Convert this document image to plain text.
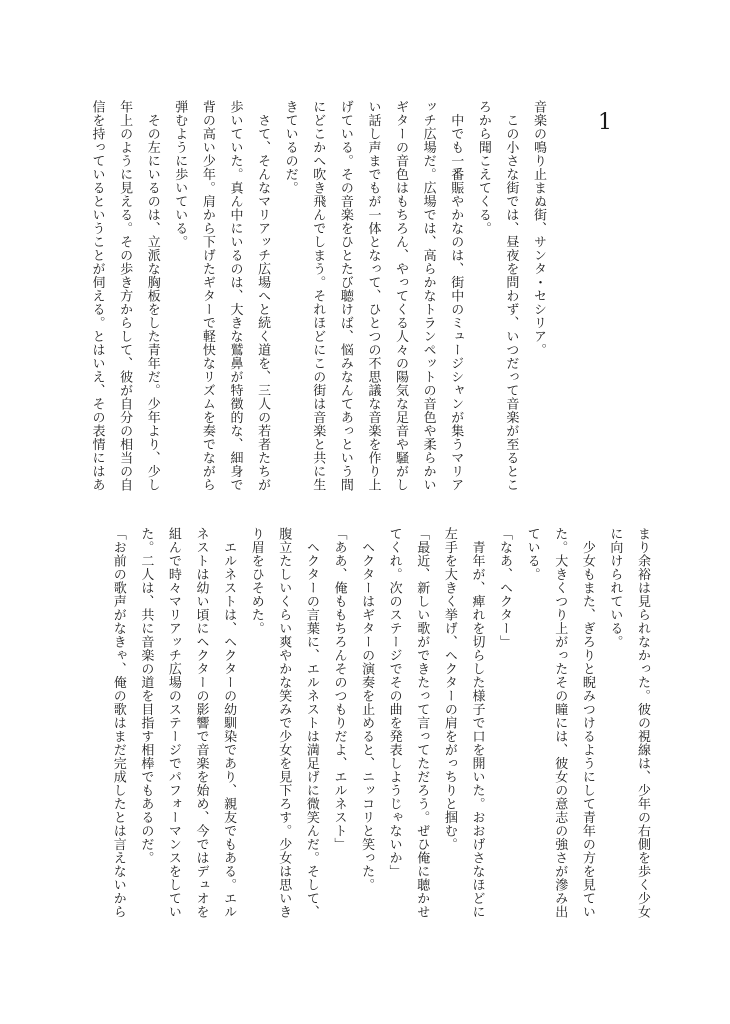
1
音楽の鳴り止まぬ街、サンタ・セシリア。
　この小さな街では、昼夜を問わず、いつだって音楽が至るとこ
ろから聞こえてくる。
　中でも一番賑やかなのは、街中のミュージシャンが集うマリア
ッチ広場だ。広場では、高らかなトランペットの音色や柔らかい
ギターの音色はもちろん、やってくる人々の陽気な足音や騒がし
い話し声までもが一体となって、ひとつの不思議な音楽を作り上
げている。その音楽をひとたび聴けば、悩みなんてあっという間
にどこかへ吹き飛んでしまう。それほどにこの街は音楽と共に生
きているのだ。
　さて、そんなマリアッチ広場へと続く道を、三人の若者たちが
歩いていた。真ん中にいるのは、大きな鷲鼻が特徴的な、細身で
背の高い少年。肩から下げたギターで軽快なリズムを奏でながら
弾むように歩いている。
　その左にいるのは、立派な胸板をした青年だ。少年より、少し
年上のように見える。その歩き方からして、彼が自分の相当の自
信を持っているということが伺える。とはいえ、その表情にはあ
まり余裕は見られなかった。彼の視線は、少年の右側を歩く少女
に向けられている。
　少女もまた、ぎろりと睨みつけるようにして青年の方を見てい
た。大きくつり上がったその瞳には、彼女の意志の強さが滲み出
ている。
「なあ、ヘクター」
　青年が、痺れを切らした様子で口を開いた。おおげさなほどに
左手を大きく挙げ、ヘクターの肩をがっちりと掴む。
「最近、新しい歌ができたって言ってただろう。ぜひ俺に聴かせ
てくれ。次のステージでその曲を発表しようじゃないか」
　ヘクターはギターの演奏を止めると、ニッコリと笑った。
「ああ、俺ももちろんそのつもりだよ、エルネスト」
　ヘクターの言葉に、エルネストは満足げに微笑んだ。そして、
腹立たしいくらい爽やかな笑みで少女を見下ろす。少女は思いき
り眉をひそめた。
　エルネストは、ヘクターの幼馴染であり、親友でもある。エル
ネストは幼い頃にヘクターの影響で音楽を始め、今ではデュオを
組んで時々マリアッチ広場のステージでパフォーマンスをしてい
た。二人は、共に音楽の道を目指す相棒でもあるのだ。
「お前の歌声がなきゃ、俺の歌はまだ完成したとは言えないから
